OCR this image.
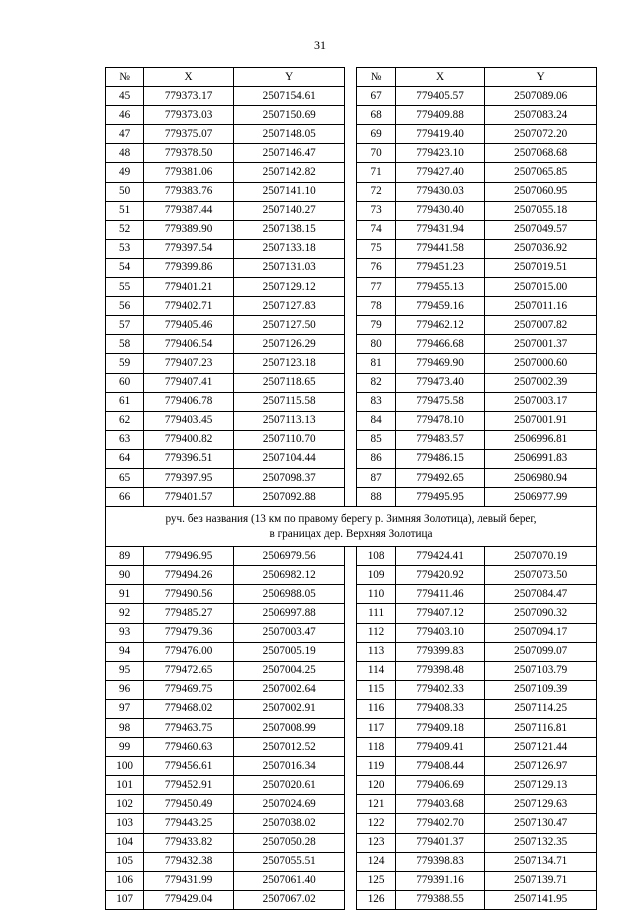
31
№	X	Y		№	X	Y
45	779373.17	2507154.61		67	779405.57	2507089.06
46	779373.03	2507150.69		68	779409.88	2507083.24
47	779375.07	2507148.05		69	779419.40	2507072.20
48	779378.50	2507146.47		70	779423.10	2507068.68
49	779381.06	2507142.82		71	779427.40	2507065.85
50	779383.76	2507141.10		72	779430.03	2507060.95
51	779387.44	2507140.27		73	779430.40	2507055.18
52	779389.90	2507138.15		74	779431.94	2507049.57
53	779397.54	2507133.18		75	779441.58	2507036.92
54	779399.86	2507131.03		76	779451.23	2507019.51
55	779401.21	2507129.12		77	779455.13	2507015.00
56	779402.71	2507127.83		78	779459.16	2507011.16
57	779405.46	2507127.50		79	779462.12	2507007.82
58	779406.54	2507126.29		80	779466.68	2507001.37
59	779407.23	2507123.18		81	779469.90	2507000.60
60	779407.41	2507118.65		82	779473.40	2507002.39
61	779406.78	2507115.58		83	779475.58	2507003.17
62	779403.45	2507113.13		84	779478.10	2507001.91
63	779400.82	2507110.70		85	779483.57	2506996.81
64	779396.51	2507104.44		86	779486.15	2506991.83
65	779397.95	2507098.37		87	779492.65	2506980.94
66	779401.57	2507092.88		88	779495.95	2506977.99
руч. без названия (13 км по правому берегу р. Зимняя Золотица), левый берег,
в границах дер. Верхняя Золотица						
89	779496.95	2506979.56		108	779424.41	2507070.19
90	779494.26	2506982.12		109	779420.92	2507073.50
91	779490.56	2506988.05		110	779411.46	2507084.47
92	779485.27	2506997.88		111	779407.12	2507090.32
93	779479.36	2507003.47		112	779403.10	2507094.17
94	779476.00	2507005.19		113	779399.83	2507099.07
95	779472.65	2507004.25		114	779398.48	2507103.79
96	779469.75	2507002.64		115	779402.33	2507109.39
97	779468.02	2507002.91		116	779408.33	2507114.25
98	779463.75	2507008.99		117	779409.18	2507116.81
99	779460.63	2507012.52		118	779409.41	2507121.44
100	779456.61	2507016.34		119	779408.44	2507126.97
101	779452.91	2507020.61		120	779406.69	2507129.13
102	779450.49	2507024.69		121	779403.68	2507129.63
103	779443.25	2507038.02		122	779402.70	2507130.47
104	779433.82	2507050.28		123	779401.37	2507132.35
105	779432.38	2507055.51		124	779398.83	2507134.71
106	779431.99	2507061.40		125	779391.16	2507139.71
107	779429.04	2507067.02		126	779388.55	2507141.95
